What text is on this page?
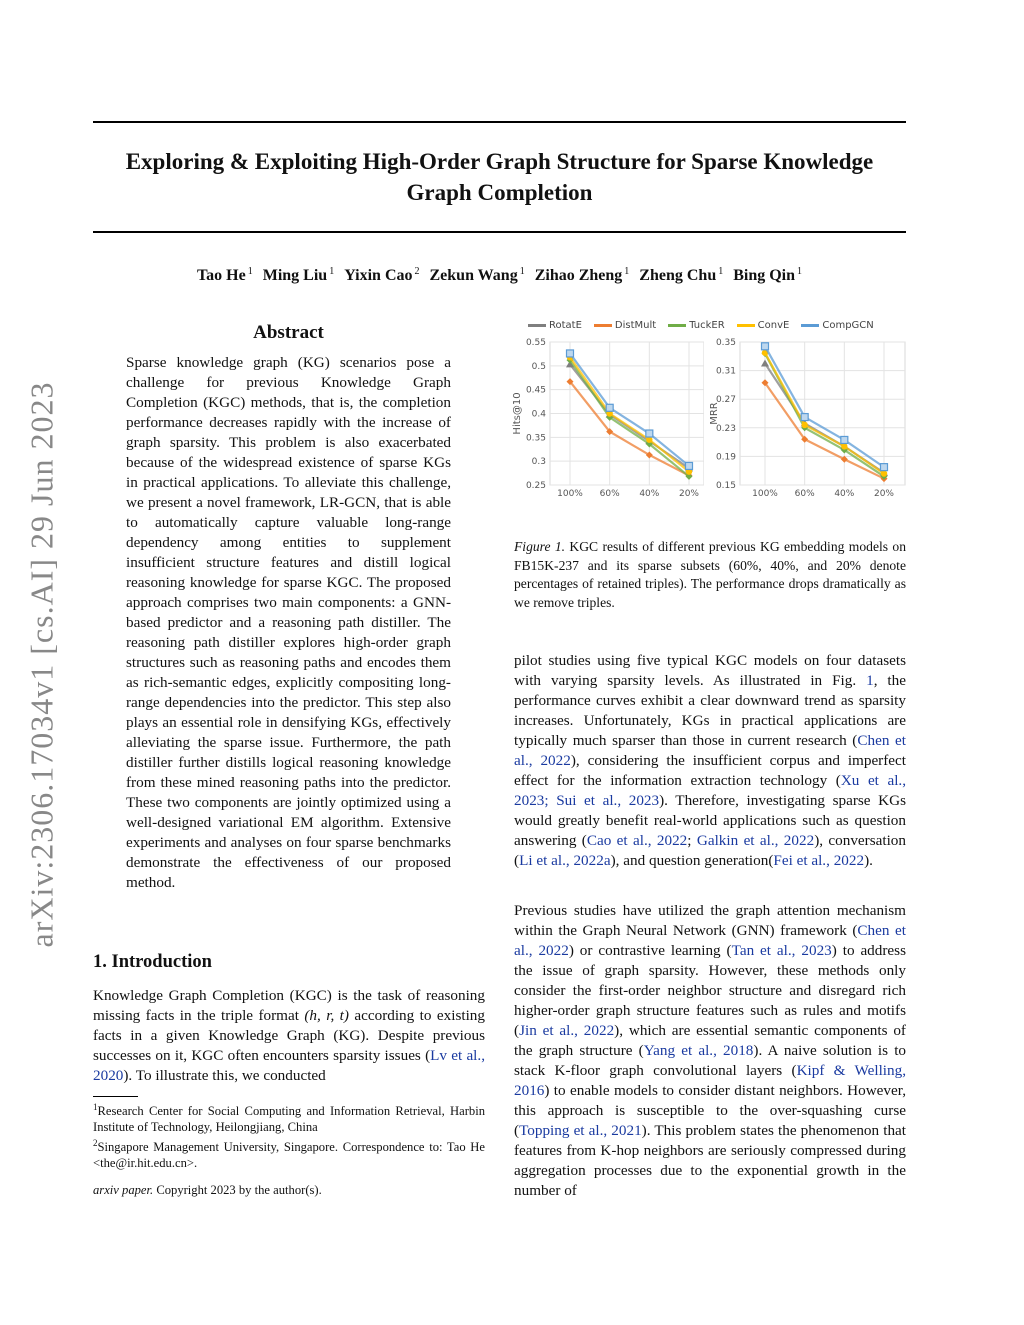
Exploring & Exploiting High-Order Graph Structure for Sparse Knowledge
Graph Completion
Tao He $^1$ Ming Liu $^1$ Yixin Cao $^2$ Zekun Wang $^1$ Zihao Zheng $^1$ Zheng Chu $^1$ Bing Qin $^1$
arXiv:2306.17034v1 [cs.AI] 29 Jun 2023
Abstract
Sparse knowledge graph (KG) scenarios pose a challenge for previous Knowledge Graph Completion (KGC) methods, that is, the completion performance decreases rapidly with the increase of graph sparsity. This problem is also exacerbated because of the widespread existence of sparse KGs in practical applications. To alleviate this challenge, we present a novel framework, LR-GCN, that is able to automatically capture valuable long-range dependency among entities to supplement insufficient structure features and distill logical reasoning knowledge for sparse KGC. The proposed approach comprises two main components: a GNN-based predictor and a reasoning path distiller. The reasoning path distiller explores high-order graph structures such as reasoning paths and encodes them as rich-semantic edges, explicitly compositing long-range dependencies into the predictor. This step also plays an essential role in densifying KGs, effectively alleviating the sparse issue. Furthermore, the path distiller further distills logical reasoning knowledge from these mined reasoning paths into the predictor. These two components are jointly optimized using a well-designed variational EM algorithm. Extensive experiments and analyses on four sparse benchmarks demonstrate the effectiveness of our proposed method.
1. Introduction
Knowledge Graph Completion (KGC) is the task of reasoning missing facts in the triple format (h, r, t) according to existing facts in a given Knowledge Graph (KG). Despite previous successes on it, KGC often encounters sparsity issues (Lv et al., 2020). To illustrate this, we conducted
$^1$Research Center for Social Computing and Information Retrieval, Harbin Institute of Technology, Heilongjiang, China
$^2$Singapore Management University, Singapore. Correspondence to: Tao He <the@ir.hit.edu.cn>.
arxiv paper. Copyright 2023 by the author(s).
RotatE	DistMult	TuckER	ConvE	CompGCN
0.55
0.5
0.45
0.4
0.35
0.3
0.25
100% 60% 40% 20%
Hits@10
0.35
0.31
0.27
0.23
0.19
0.15
100% 60% 40% 20%
MRR
Figure 1. KGC results of different previous KG embedding models on FB15K-237 and its sparse subsets (60%, 40%, and 20% denote percentages of retained triples). The performance drops dramatically as we remove triples.
pilot studies using five typical KGC models on four datasets with varying sparsity levels. As illustrated in Fig. 1, the performance curves exhibit a clear downward trend as sparsity increases. Unfortunately, KGs in practical applications are typically much sparser than those in current research (Chen et al., 2022), considering the insufficient corpus and imperfect effect for the information extraction technology (Xu et al., 2023; Sui et al., 2023). Therefore, investigating sparse KGs would greatly benefit real-world applications such as question answering (Cao et al., 2022; Galkin et al., 2022), conversation (Li et al., 2022a), and question generation(Fei et al., 2022).
Previous studies have utilized the graph attention mechanism within the Graph Neural Network (GNN) framework (Chen et al., 2022) or contrastive learning (Tan et al., 2023) to address the issue of graph sparsity. However, these methods only consider the first-order neighbor structure and disregard rich higher-order graph structure features such as rules and motifs (Jin et al., 2022), which are essential semantic components of the graph structure (Yang et al., 2018). A naive solution is to stack K-floor graph convolutional layers (Kipf & Welling, 2016) to enable models to consider distant neighbors. However, this approach is susceptible to the over-squashing curse (Topping et al., 2021). This problem states the phenomenon that features from K-hop neighbors are seriously compressed during aggregation processes due to the exponential growth in the number of
